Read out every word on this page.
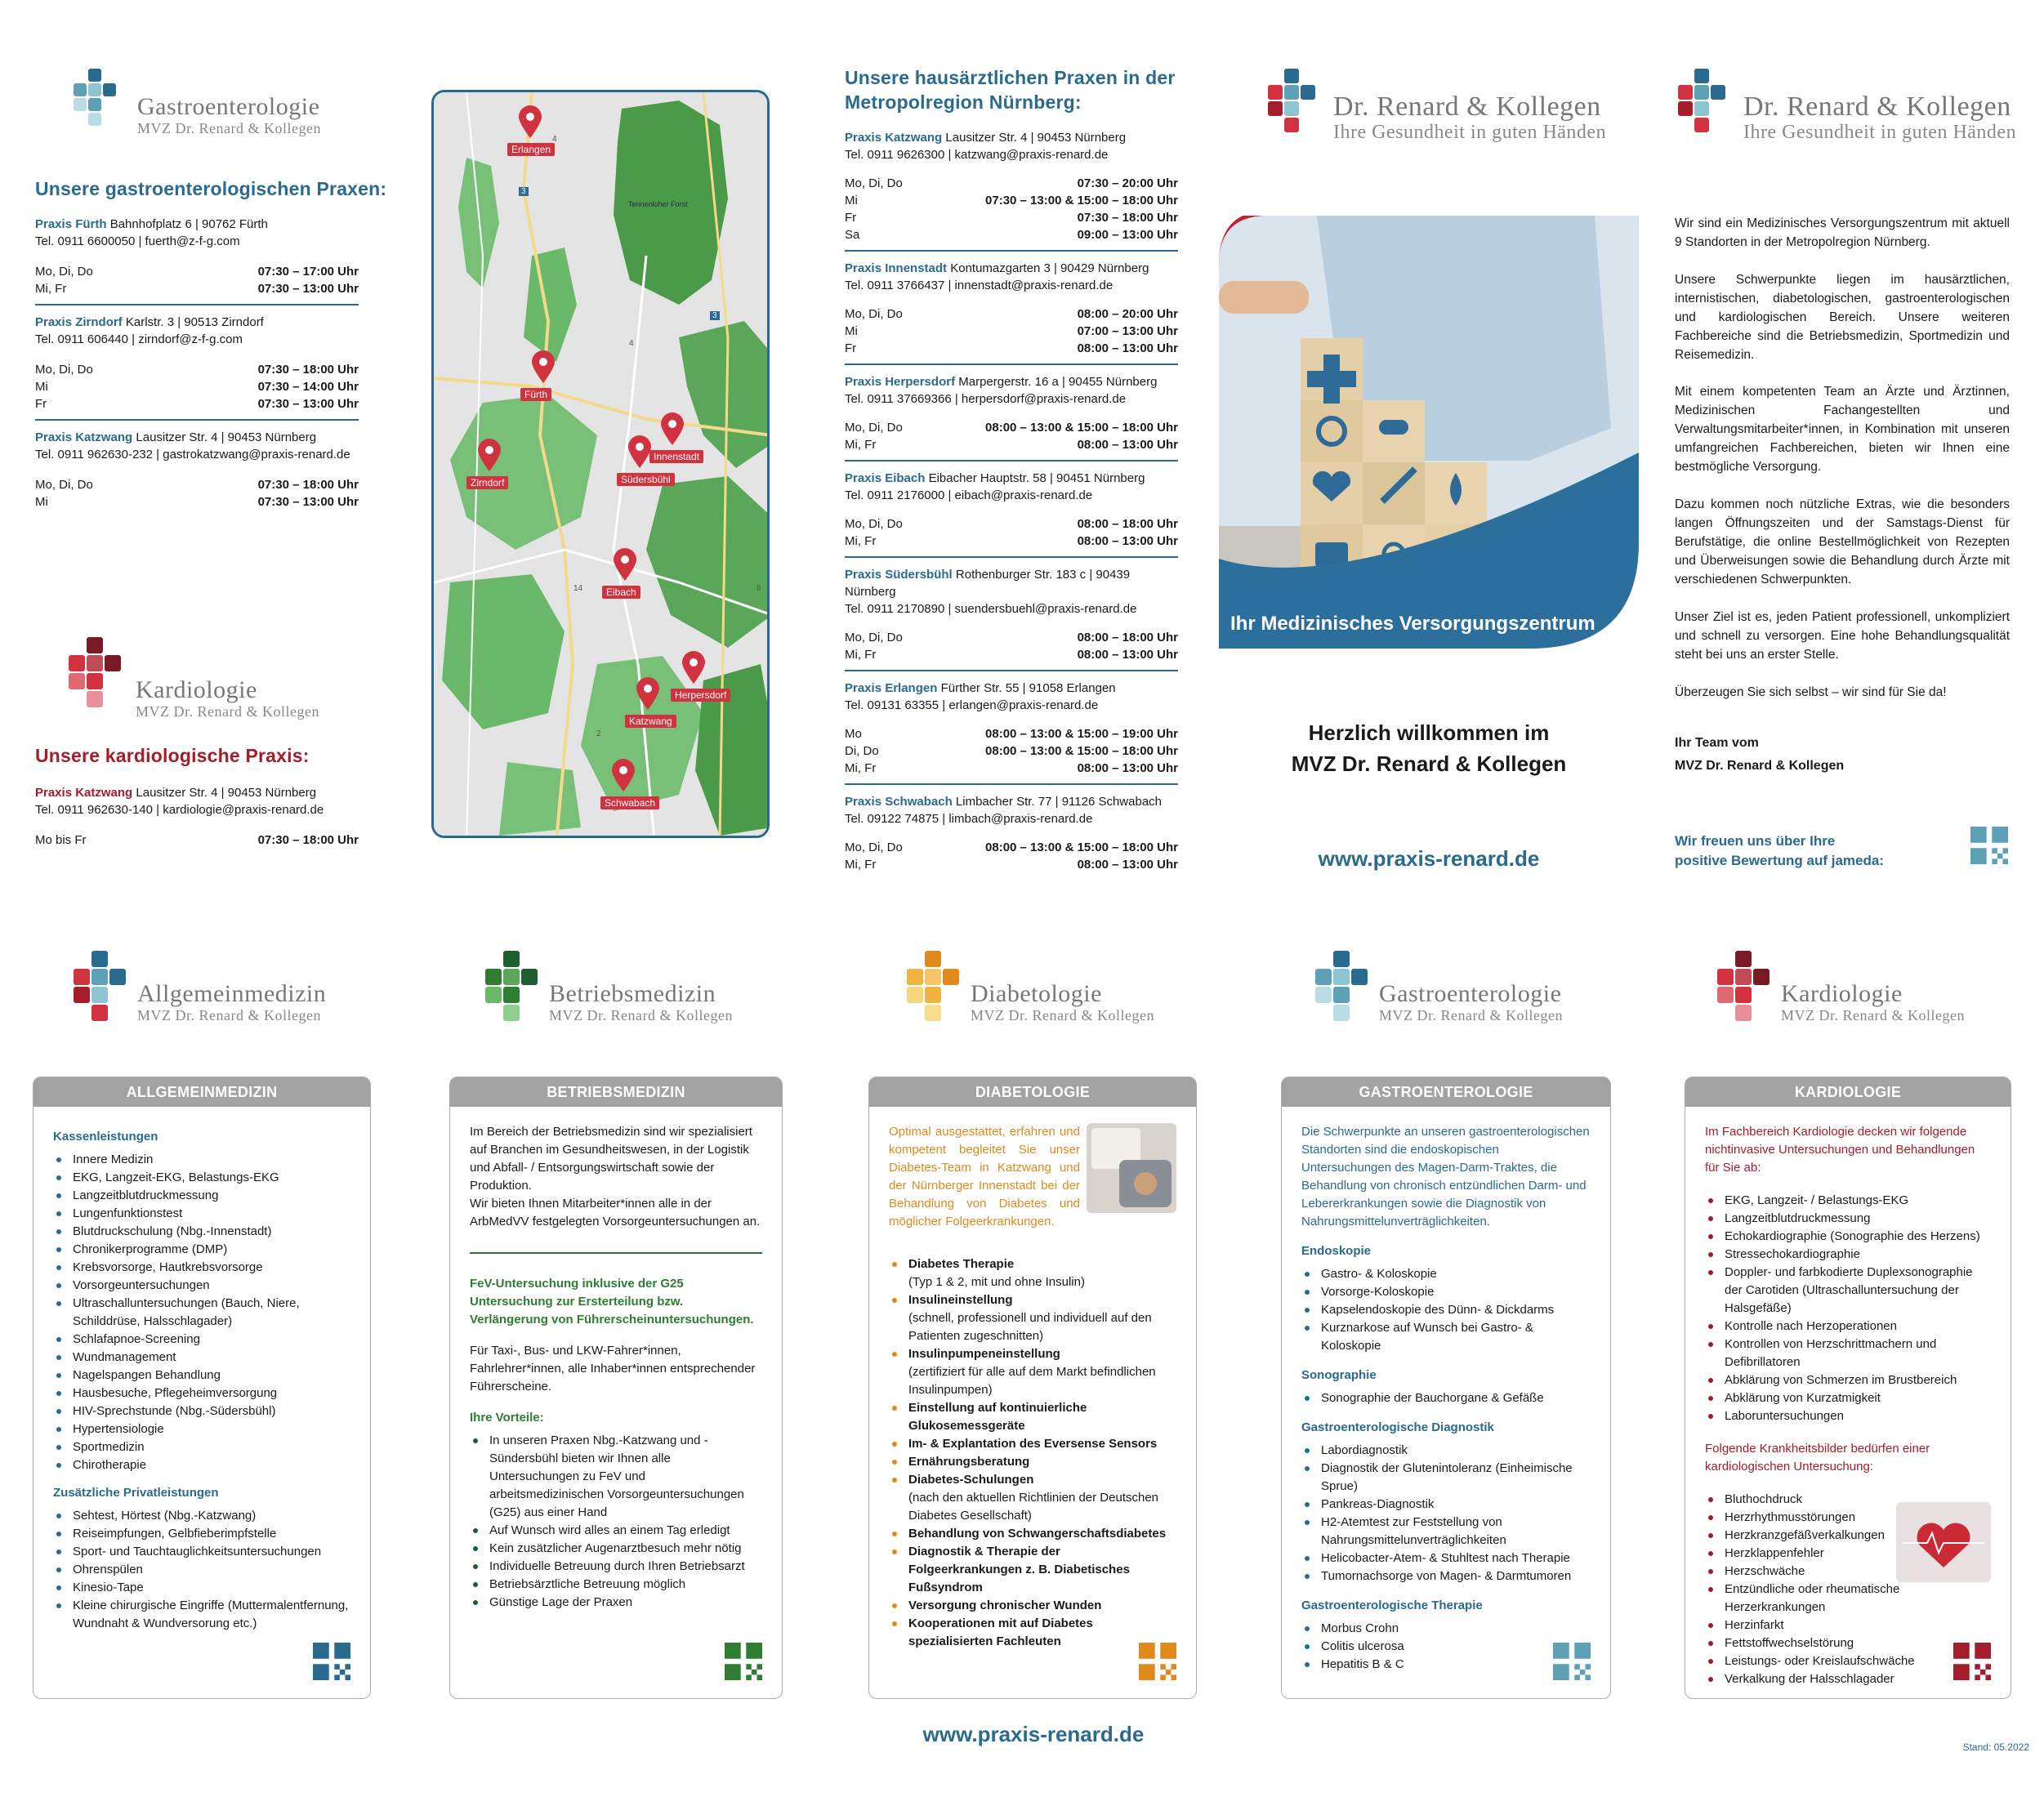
Gastroenterologie
MVZ Dr. Renard & Kollegen
Unsere gastroenterologischen Praxen:
Praxis Fürth Bahnhofplatz 6 | 90762 Fürth
Tel. 0911 6600050 | fuerth@z-f-g.com
Mo, Di, Do	07:30 – 17:00 Uhr
Mi, Fr	07:30 – 13:00 Uhr
Praxis Zirndorf Karlstr. 3 | 90513 Zirndorf
Tel. 0911 606440 | zirndorf@z-f-g.com
Mo, Di, Do	07:30 – 18:00 Uhr
Mi	07:30 – 14:00 Uhr
Fr	07:30 – 13:00 Uhr
Praxis Katzwang Lausitzer Str. 4 | 90453 Nürnberg
Tel. 0911 962630-232 | gastrokatzwang@praxis-renard.de
Mo, Di, Do	07:30 – 18:00 Uhr
Mi	07:30 – 13:00 Uhr
Kardiologie
MVZ Dr. Renard & Kollegen
Unsere kardiologische Praxis:
Praxis Katzwang Lausitzer Str. 4 | 90453 Nürnberg
Tel. 0911 962630-140 | kardiologie@praxis-renard.de
Mo bis Fr	07:30 – 18:00 Uhr
Tennenloher Forst
Erlangen
Fürth
Innenstadt
Zirndorf	Südersbühl
Eibach
Herpersdorf
Katzwang
Schwabach
4
3
3
4
14	8
2
Unsere hausärztlichen Praxen in der
Metropolregion Nürnberg:
Praxis Katzwang Lausitzer Str. 4 | 90453 Nürnberg
Tel. 0911 9626300 | katzwang@praxis-renard.de
Mo, Di, Do	07:30 – 20:00 Uhr
Mi	07:30 – 13:00 & 15:00 – 18:00 Uhr
Fr	07:30 – 18:00 Uhr
Sa	09:00 – 13:00 Uhr
Praxis Innenstadt Kontumazgarten 3 | 90429 Nürnberg
Tel. 0911 3766437 | innenstadt@praxis-renard.de
Mo, Di, Do	08:00 – 20:00 Uhr
Mi	07:00 – 13:00 Uhr
Fr	08:00 – 13:00 Uhr
Praxis Herpersdorf Marpergerstr. 16 a | 90455 Nürnberg
Tel. 0911 37669366 | herpersdorf@praxis-renard.de
Mo, Di, Do	08:00 – 13:00 & 15:00 – 18:00 Uhr
Mi, Fr	08:00 – 13:00 Uhr
Praxis Eibach Eibacher Hauptstr. 58 | 90451 Nürnberg
Tel. 0911 2176000 | eibach@praxis-renard.de
Mo, Di, Do	08:00 – 18:00 Uhr
Mi, Fr	08:00 – 13:00 Uhr
Praxis Südersbühl Rothenburger Str. 183 c | 90439 Nürnberg
Tel. 0911 2170890 | suendersbuehl@praxis-renard.de
Mo, Di, Do	08:00 – 18:00 Uhr
Mi, Fr	08:00 – 13:00 Uhr
Praxis Erlangen Fürther Str. 55 | 91058 Erlangen
Tel. 09131 63355 | erlangen@praxis-renard.de
Mo	08:00 – 13:00 & 15:00 – 19:00 Uhr
Di, Do	08:00 – 13:00 & 15:00 – 18:00 Uhr
Mi, Fr	08:00 – 13:00 Uhr
Praxis Schwabach Limbacher Str. 77 | 91126 Schwabach
Tel. 09122 74875 | limbach@praxis-renard.de
Mo, Di, Do	08:00 – 13:00 & 15:00 – 18:00 Uhr
Mi, Fr	08:00 – 13:00 Uhr
Dr. Renard & Kollegen
Ihre Gesundheit in guten Händen
Ihr Medizinisches Versorgungszentrum
Herzlich willkommen im
MVZ Dr. Renard & Kollegen
www.praxis-renard.de
Dr. Renard & Kollegen
Ihre Gesundheit in guten Händen

Wir sind ein Medizinisches Versorgungszentrum mit aktuell 9 Standorten in der Metropolregion Nürnberg.

Unsere Schwerpunkte liegen im hausärztlichen, internistischen, diabetologischen, gastroenterologischen und kardiologischen Bereich. Unsere weiteren Fachbereiche sind die Betriebsmedizin, Sportmedizin und Reisemedizin.

Mit einem kompetenten Team an Ärzte und Ärztinnen, Medizinischen Fachangestellten und Verwaltungsmitarbeiter*innen, in Kombination mit unseren umfangreichen Fachbereichen, bieten wir Ihnen eine bestmögliche Versorgung.

Dazu kommen noch nützliche Extras, wie die besonders langen Öffnungszeiten und der Samstags-Dienst für Berufstätige, die online Bestellmöglichkeit von Rezepten und Überweisungen sowie die Behandlung durch Ärzte mit verschiedenen Schwerpunkten.

Unser Ziel ist es, jeden Patient professionell, unkompliziert und schnell zu versorgen. Eine hohe Behandlungsqualität steht bei uns an erster Stelle.

Überzeugen Sie sich selbst – wir sind für Sie da!

Ihr Team vom
MVZ Dr. Renard & Kollegen
Wir freuen uns über Ihre
positive Bewertung auf jameda:
Allgemeinmedizin
MVZ Dr. Renard & Kollegen
Betriebsmedizin
MVZ Dr. Renard & Kollegen
Diabetologie
MVZ Dr. Renard & Kollegen
Gastroenterologie
MVZ Dr. Renard & Kollegen
Kardiologie
MVZ Dr. Renard & Kollegen
ALLGEMEINMEDIZIN
Kassenleistungen
Innere Medizin
EKG, Langzeit-EKG, Belastungs-EKG
Langzeitblutdruckmessung
Lungenfunktionstest
Blutdruckschulung (Nbg.-Innenstadt)
Chronikerprogramme (DMP)
Krebsvorsorge, Hautkrebsvorsorge
Vorsorgeuntersuchungen
Ultraschalluntersuchungen (Bauch, Niere, Schilddrüse, Halsschlagader)
Schlafapnoe-Screening
Wundmanagement
Nagelspangen Behandlung
Hausbesuche, Pflegeheimversorgung
HIV-Sprechstunde (Nbg.-Südersbühl)
Hypertensiologie
Sportmedizin
Chirotherapie
Zusätzliche Privatleistungen
Sehtest, Hörtest (Nbg.-Katzwang)
Reiseimpfungen, Gelbfieberimpfstelle
Sport- und Tauchtauglichkeitsuntersuchungen
Ohrenspülen
Kinesio-Tape
Kleine chirurgische Eingriffe (Muttermalentfernung, Wundnaht & Wundversorung etc.)
BETRIEBSMEDIZIN
Im Bereich der Betriebsmedizin sind wir spezialisiert auf Branchen im Gesundheitswesen, in der Logistik und Abfall- / Entsorgungswirtschaft sowie der Produktion.
Wir bieten Ihnen Mitarbeiter*innen alle in der ArbMedVV festgelegten Vorsorgeuntersuchungen an.
FeV-Untersuchung inklusive der G25 Untersuchung zur Ersterteilung bzw. Verlängerung von Führerscheinuntersuchungen.
Für Taxi-, Bus- und LKW-Fahrer*innen, Fahrlehrer*innen, alle Inhaber*innen entsprechender Führerscheine.
Ihre Vorteile:
In unseren Praxen Nbg.-Katzwang und -Sündersbühl bieten wir Ihnen alle Untersuchungen zu FeV und arbeitsmedizinischen Vorsorgeuntersuchungen (G25) aus einer Hand
Auf Wunsch wird alles an einem Tag erledigt
Kein zusätzlicher Augenarztbesuch mehr nötig
Individuelle Betreuung durch Ihren Betriebsarzt
Betriebsärztliche Betreuung möglich
Günstige Lage der Praxen
DIABETOLOGIE
Optimal ausgestattet, erfahren und kompetent begleitet Sie unser Diabetes-Team in Katzwang und der Nürnberger Innenstadt bei der Behandlung von Diabetes und möglicher Folgeerkrankungen.
Diabetes Therapie
(Typ 1 & 2, mit und ohne Insulin)
Insulineinstellung
(schnell, professionell und individuell auf den Patienten zugeschnitten)
Insulinpumpeneinstellung
(zertifiziert für alle auf dem Markt befindlichen Insulinpumpen)
Einstellung auf kontinuierliche Glukosemessgeräte
Im- & Explantation des Eversense Sensors
Ernährungsberatung
Diabetes-Schulungen
(nach den aktuellen Richtlinien der Deutschen Diabetes Gesellschaft)
Behandlung von Schwangerschaftsdiabetes
Diagnostik & Therapie der Folgeerkrankungen z. B. Diabetisches Fußsyndrom
Versorgung chronischer Wunden
Kooperationen mit auf Diabetes spezialisierten Fachleuten
GASTROENTEROLOGIE
Die Schwerpunkte an unseren gastroenterologischen Standorten sind die endoskopischen Untersuchungen des Magen-Darm-Traktes, die Behandlung von chronisch entzündlichen Darm- und Lebererkrankungen sowie die Diagnostik von Nahrungsmittelunverträglichkeiten.
Endoskopie
Gastro- & Koloskopie
Vorsorge-Koloskopie
Kapselendoskopie des Dünn- & Dickdarms
Kurznarkose auf Wunsch bei Gastro- & Koloskopie
Sonographie
Sonographie der Bauchorgane & Gefäße
Gastroenterologische Diagnostik
Labordiagnostik
Diagnostik der Glutenintoleranz (Einheimische Sprue)
Pankreas-Diagnostik
H2-Atemtest zur Feststellung von Nahrungsmittelunverträglichkeiten
Helicobacter-Atem- & Stuhltest nach Therapie
Tumornachsorge von Magen- & Darmtumoren
Gastroenterologische Therapie
Morbus Crohn
Colitis ulcerosa
Hepatitis B & C
KARDIOLOGIE
Im Fachbereich Kardiologie decken wir folgende nichtinvasive Untersuchungen und Behandlungen für Sie ab:
EKG, Langzeit- / Belastungs-EKG
Langzeitblutdruckmessung
Echokardiographie (Sonographie des Herzens)
Stressechokardiographie
Doppler- und farbkodierte Duplexsonographie der Carotiden (Ultraschalluntersuchung der Halsgefäße)
Kontrolle nach Herzoperationen
Kontrollen von Herzschrittmachern und Defibrillatoren
Abklärung von Schmerzen im Brustbereich
Abklärung von Kurzatmigkeit
Laboruntersuchungen
Folgende Krankheitsbilder bedürfen einer kardiologischen Untersuchung:
Bluthochdruck
Herzrhythmusstörungen
Herzkranzgefäßverkalkungen
Herzklappenfehler
Herzschwäche
Entzündliche oder rheumatische Herzerkrankungen
Herzinfarkt
Fettstoffwechselstörung
Leistungs- oder Kreislaufschwäche
Verkalkung der Halsschlagader
www.praxis-renard.de
Stand: 05.2022
